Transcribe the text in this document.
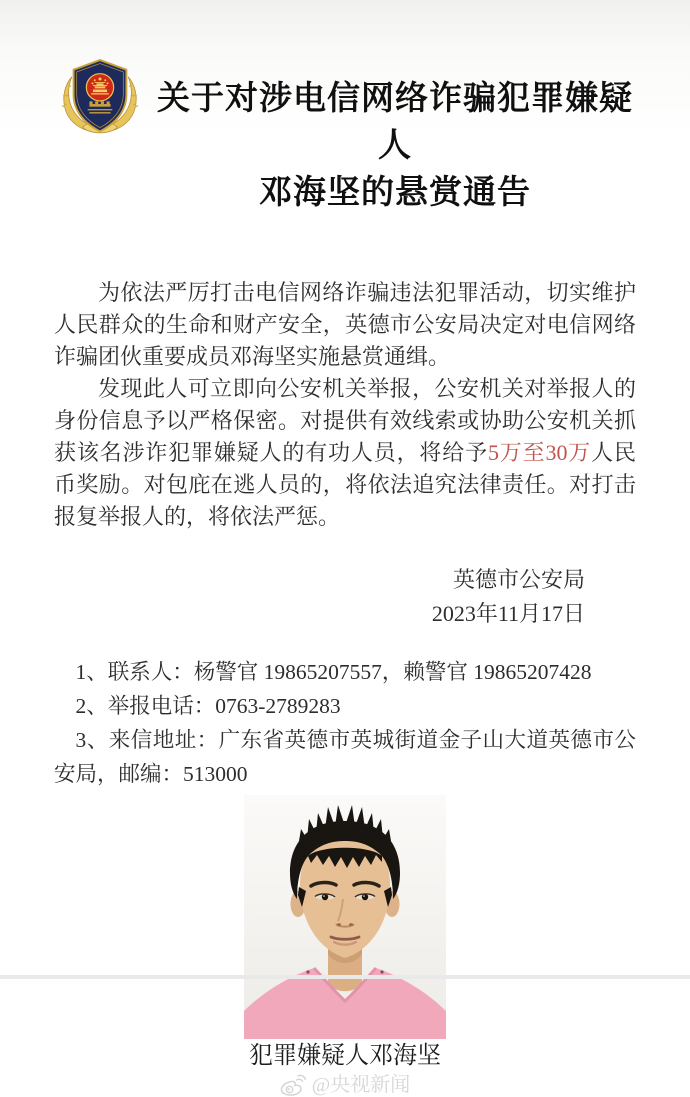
关于对涉电信网络诈骗犯罪嫌疑人
邓海坚的悬赏通告

为依法严厉打击电信网络诈骗违法犯罪活动，切实维护人民群众的生命和财产安全，英德市公安局决定对电信网络诈骗团伙重要成员邓海坚实施悬赏通缉。

发现此人可立即向公安机关举报，公安机关对举报人的身份信息予以严格保密。对提供有效线索或协助公安机关抓获该名涉诈犯罪嫌疑人的有功人员，将给予5万至30万人民币奖励。对包庇在逃人员的，将依法追究法律责任。对打击报复举报人的，将依法严惩。

英德市公安局
2023年11月17日

1、联系人：杨警官 19865207557，赖警官 19865207428

2、举报电话：0763-2789283

3、来信地址：广东省英德市英城街道金子山大道英德市公安局，邮编：513000

犯罪嫌疑人邓海坚
@央视新闻
